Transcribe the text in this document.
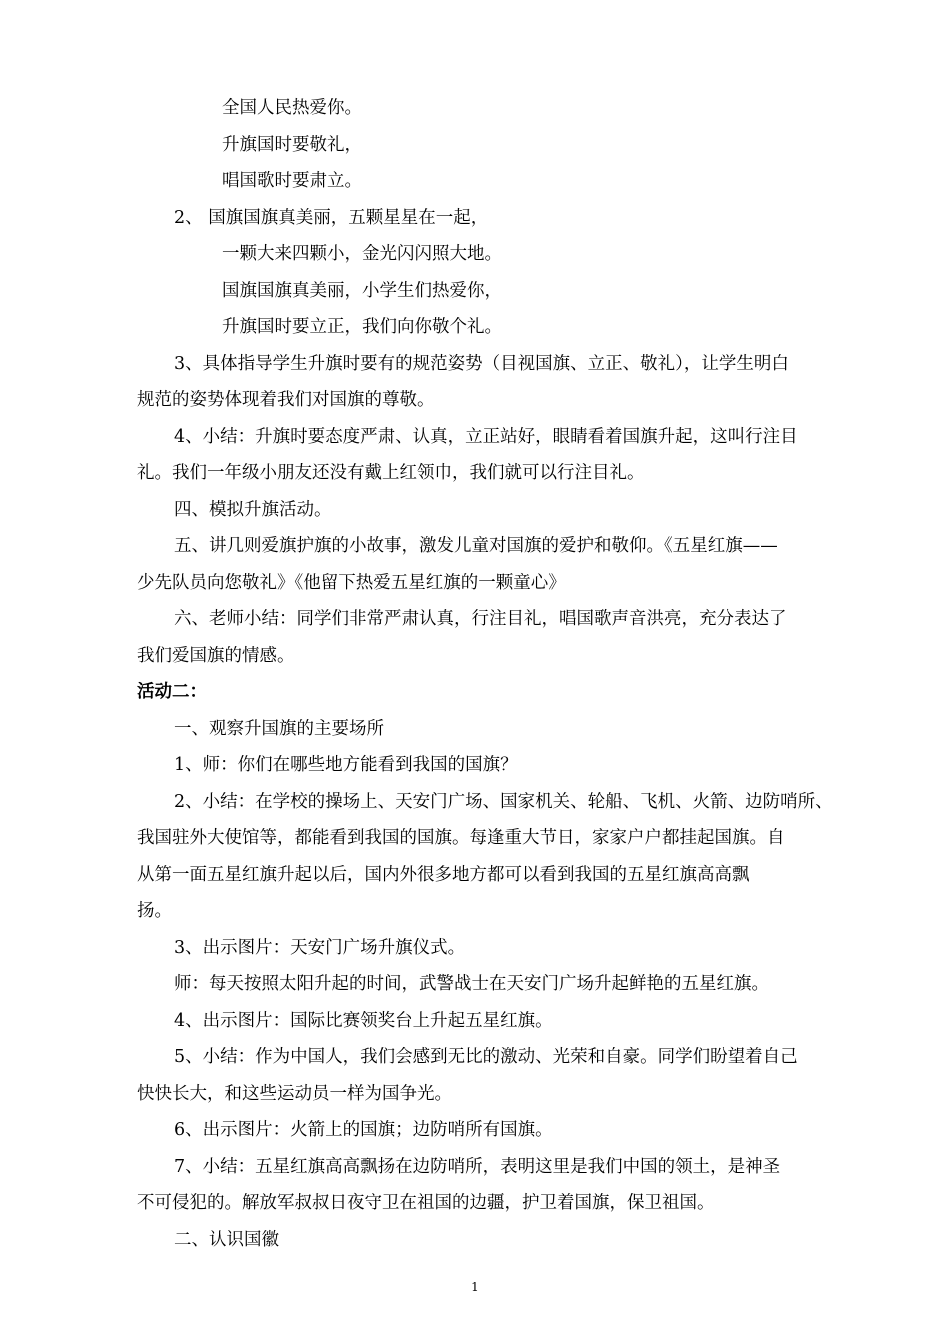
全国人民热爱你。
升旗国时要敬礼，
唱国歌时要肃立。
2、 国旗国旗真美丽，五颗星星在一起，
一颗大来四颗小，金光闪闪照大地。
国旗国旗真美丽，小学生们热爱你，
升旗国时要立正，我们向你敬个礼。
3、具体指导学生升旗时要有的规范姿势（目视国旗、立正、敬礼），让学生明白
规范的姿势体现着我们对国旗的尊敬。
4、小结：升旗时要态度严肃、认真，立正站好，眼睛看着国旗升起，这叫行注目
礼。我们一年级小朋友还没有戴上红领巾，我们就可以行注目礼。
四、模拟升旗活动。
五、讲几则爱旗护旗的小故事，激发儿童对国旗的爱护和敬仰。《五星红旗——
少先队员向您敬礼》《他留下热爱五星红旗的一颗童心》
六、老师小结：同学们非常严肃认真，行注目礼，唱国歌声音洪亮，充分表达了
我们爱国旗的情感。
活动二：
一、观察升国旗的主要场所
1、师：你们在哪些地方能看到我国的国旗？
2、小结：在学校的操场上、天安门广场、国家机关、轮船、飞机、火箭、边防哨所、
我国驻外大使馆等，都能看到我国的国旗。每逢重大节日，家家户户都挂起国旗。自
从第一面五星红旗升起以后，国内外很多地方都可以看到我国的五星红旗高高飘
扬。
3、出示图片：天安门广场升旗仪式。
师：每天按照太阳升起的时间，武警战士在天安门广场升起鲜艳的五星红旗。
4、出示图片：国际比赛领奖台上升起五星红旗。
5、小结：作为中国人，我们会感到无比的激动、光荣和自豪。同学们盼望着自己
快快长大，和这些运动员一样为国争光。
6、出示图片：火箭上的国旗；边防哨所有国旗。
7、小结：五星红旗高高飘扬在边防哨所，表明这里是我们中国的领土，是神圣
不可侵犯的。解放军叔叔日夜守卫在祖国的边疆，护卫着国旗，保卫祖国。
二、认识国徽
1
